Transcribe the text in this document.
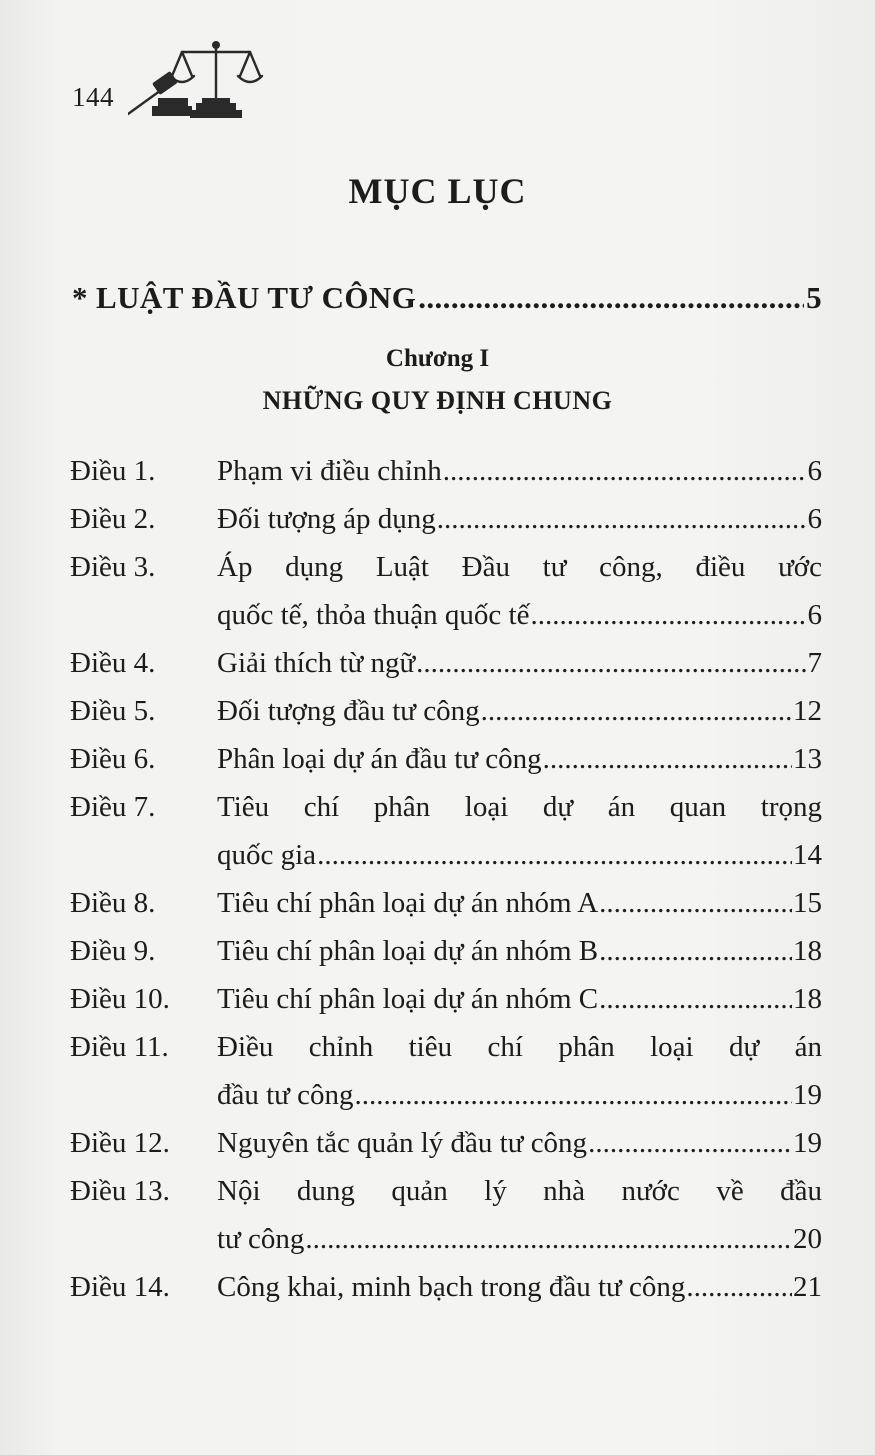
144
MỤC LỤC
* LUẬT ĐẦU TƯ CÔNG .....	5
Chương I
NHỮNG QUY ĐỊNH CHUNG
Điều 1.	Phạm vi điều chỉnh .....	6
Điều 2.	Đối tượng áp dụng .....	6
Điều 3.	Áp dụng Luật Đầu tư công, điều ước
quốc tế, thỏa thuận quốc tế .....	6
Điều 4.	Giải thích từ ngữ .....	7
Điều 5.	Đối tượng đầu tư công .....	12
Điều 6.	Phân loại dự án đầu tư công .....	13
Điều 7.	Tiêu chí phân loại dự án quan trọng
quốc gia .....	14
Điều 8.	Tiêu chí phân loại dự án nhóm A .....	15
Điều 9.	Tiêu chí phân loại dự án nhóm B .....	18
Điều 10.	Tiêu chí phân loại dự án nhóm C .....	18
Điều 11.	Điều chỉnh tiêu chí phân loại dự án
đầu tư công .....	19
Điều 12.	Nguyên tắc quản lý đầu tư công .....	19
Điều 13.	Nội dung quản lý nhà nước về đầu
tư công .....	20
Điều 14.	Công khai, minh bạch trong đầu tư công .....	21
